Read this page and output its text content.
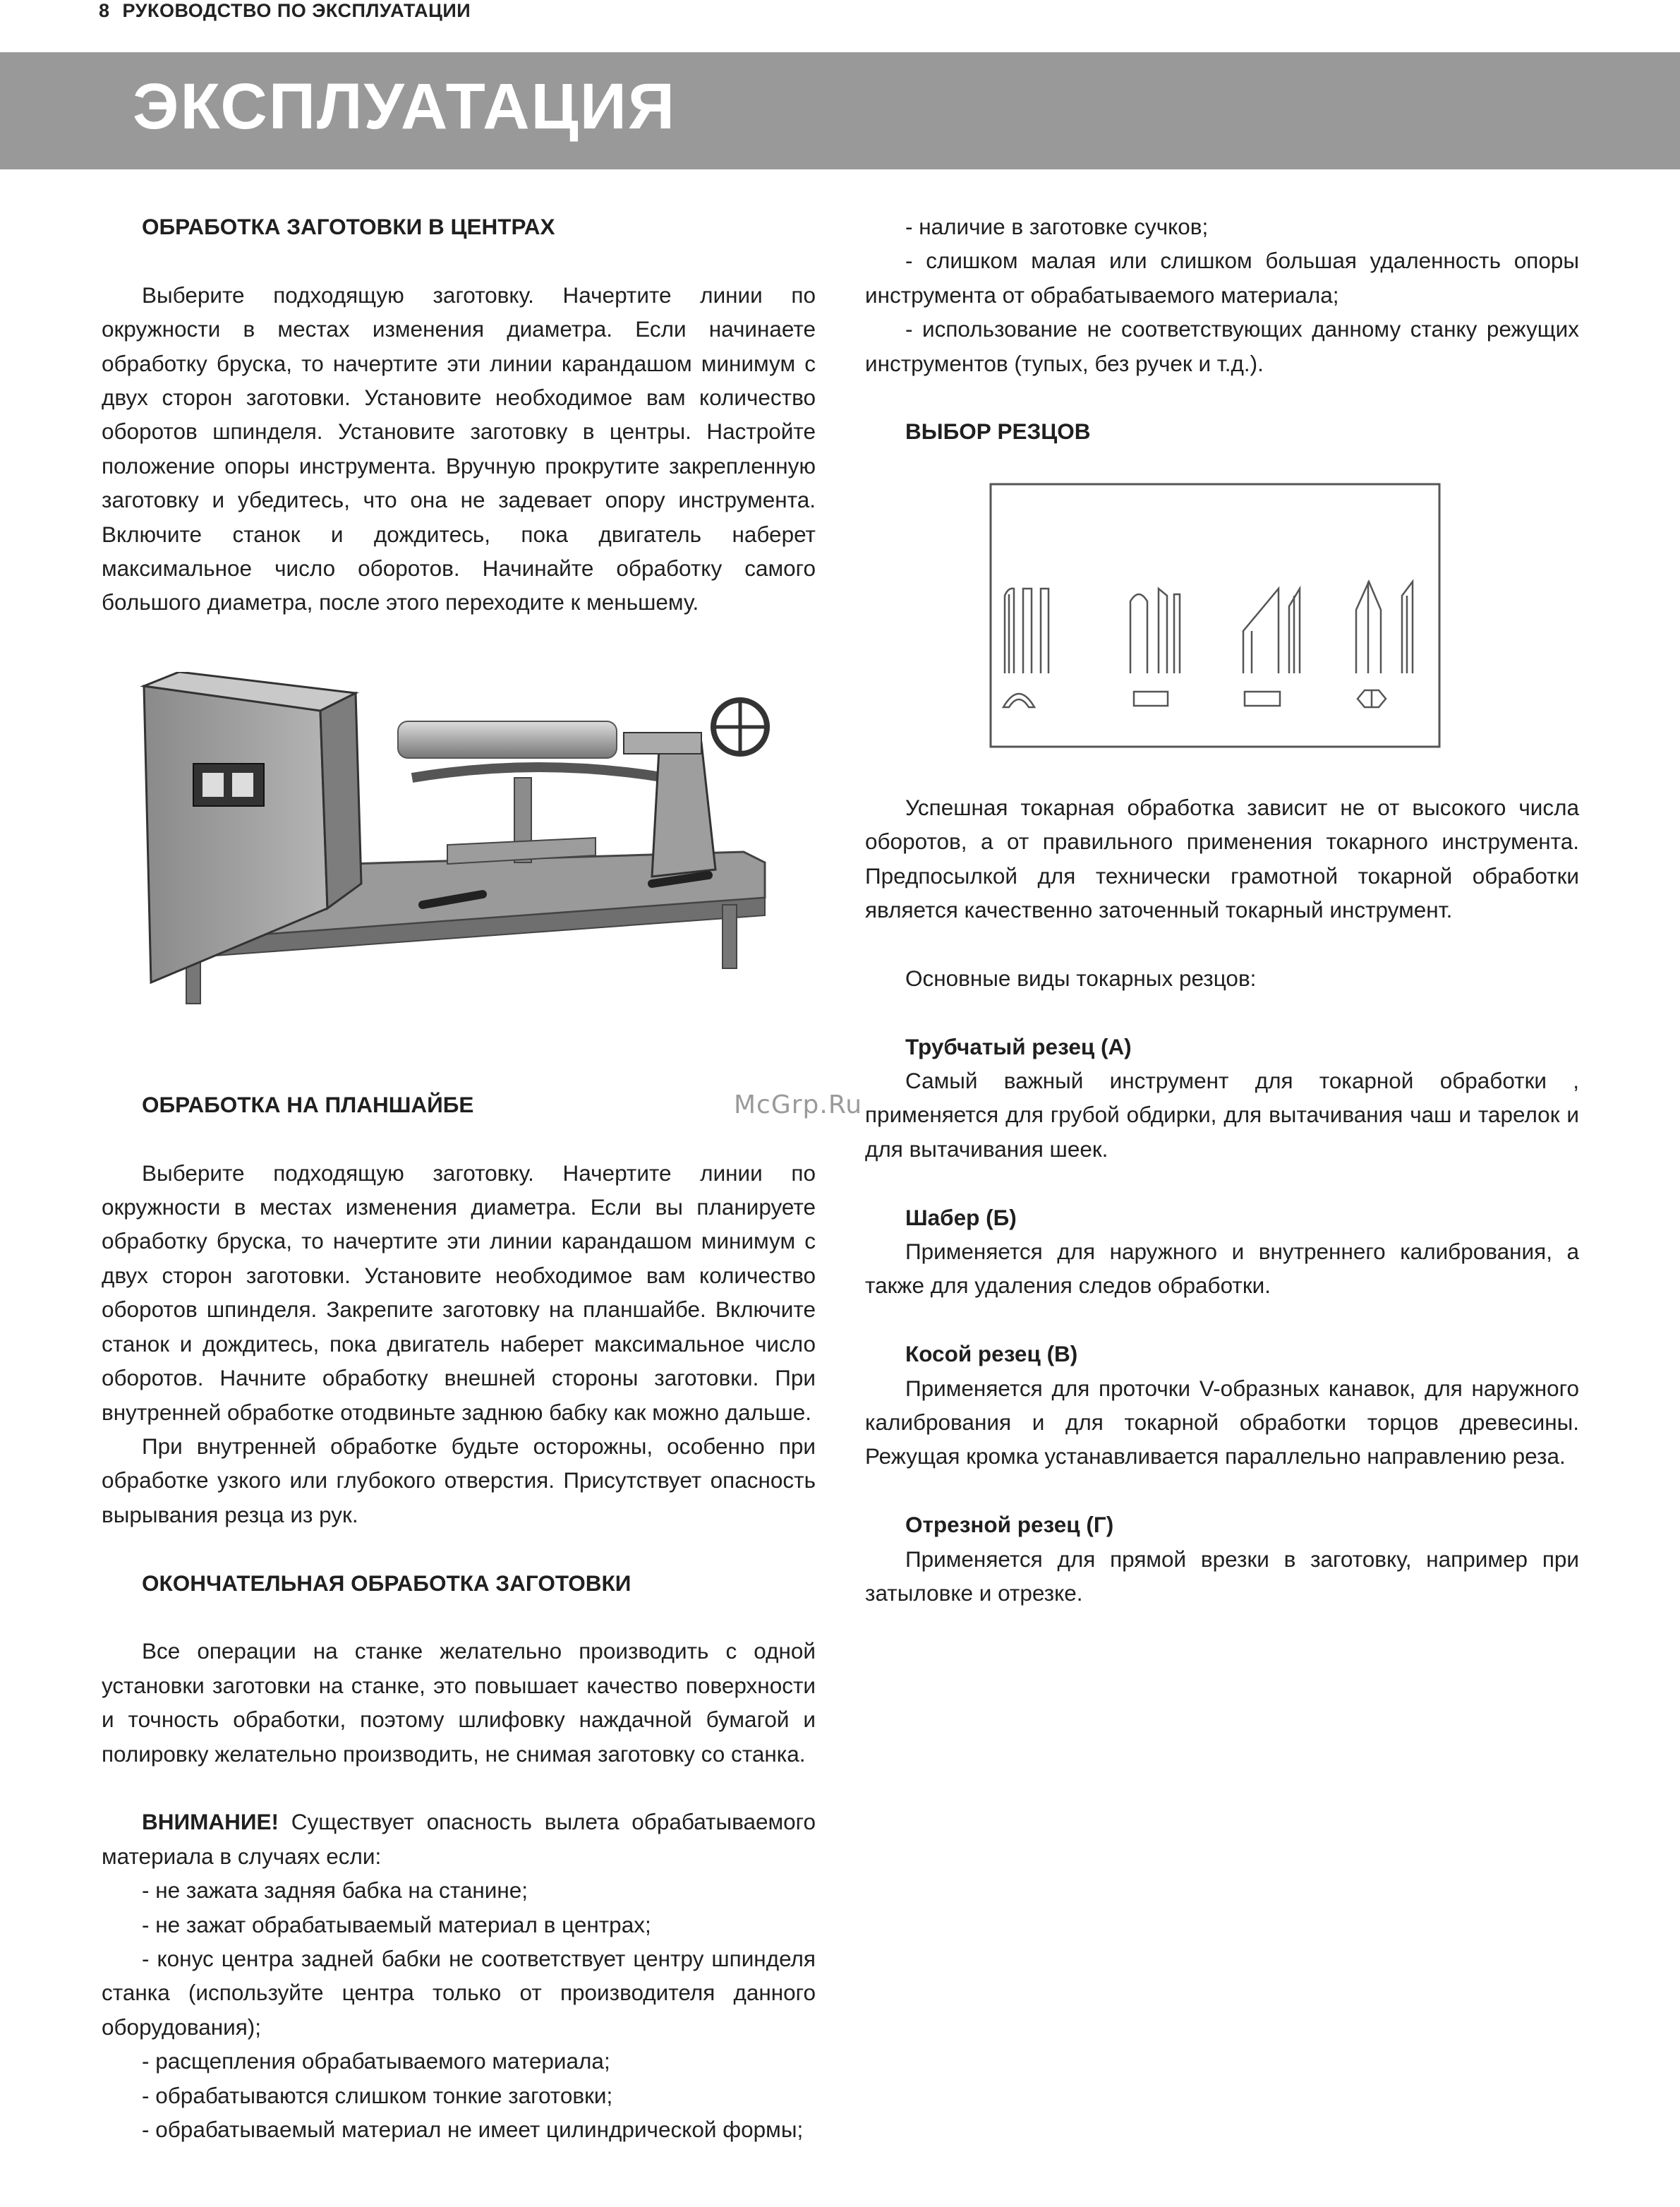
8 РУКОВОДСТВО ПО ЭКСПЛУАТАЦИИ
ЭКСПЛУАТАЦИЯ

ОБРАБОТКА ЗАГОТОВКИ В ЦЕНТРАХ

Выберите подходящую заготовку. Начертите линии по окружности в местах изменения диаметра. Если начинаете обработку бруска, то начертите эти линии карандашом минимум с двух сторон заготовки. Установите необходимое вам количество оборотов шпинделя. Установите заготовку в центры. Настройте положение опоры инструмента. Вручную прокрутите закрепленную заготовку и убедитесь, что она не задевает опору инструмента. Включите станок и дождитесь, пока двигатель наберет максимальное число оборотов. Начинайте обработку самого большого диаметра, после этого переходите к меньшему.

ОБРАБОТКА НА ПЛАНШАЙБЕ

Выберите подходящую заготовку. Начертите линии по окружности в местах изменения диаметра. Если вы планируете обработку бруска, то начертите эти линии карандашом минимум с двух сторон заготовки. Установите необходимое вам количество оборотов шпинделя. Закрепите заготовку на планшайбе. Включите станок и дождитесь, пока двигатель наберет максимальное число оборотов. Начните обработку внешней стороны заготовки. При внутренней обработке отодвиньте заднюю бабку как можно дальше.

При внутренней обработке будьте осторожны, особенно при обработке узкого или глубокого отверстия. Присутствует опасность вырывания резца из рук.

ОКОНЧАТЕЛЬНАЯ ОБРАБОТКА ЗАГОТОВКИ

Все операции на станке желательно производить с одной установки заготовки на станке, это повышает качество поверхности и точность обработки, поэтому шлифовку наждачной бумагой и полировку желательно производить, не снимая заготовку со станка.

ВНИМАНИЕ! Существует опасность вылета обрабатываемого материала в случаях если:

- не зажата задняя бабка на станине;

- не зажат обрабатываемый материал в центрах;

- конус центра задней бабки не соответствует центру шпинделя станка (используйте центра только от производителя данного оборудования);

- расщепления обрабатываемого материала;

- обрабатываются слишком тонкие заготовки;

- обрабатываемый материал не имеет цилиндрической формы;

- наличие в заготовке сучков;

- слишком малая или слишком большая удаленность опоры инструмента от обрабатываемого материала;

- использование не соответствующих данному станку режущих инструментов (тупых, без ручек и т.д.).

ВЫБОР РЕЗЦОВ

Успешная токарная обработка зависит не от высокого числа оборотов, а от правильного применения токарного инструмента. Предпосылкой для технически грамотной токарной обработки является качественно заточенный токарный инструмент.

Основные виды токарных резцов:

Трубчатый резец (А)

Самый важный инструмент для токарной обработки , применяется для грубой обдирки, для вытачивания чаш и тарелок и для вытачивания шеек.

Шабер (Б)

Применяется для наружного и внутреннего калибрования, а также для удаления следов обработки.

Косой резец (В)

Применяется для проточки V-образных канавок, для наружного калибрования и для токарной обработки торцов древесины. Режущая кромка устанавливается параллельно направлению реза.

Отрезной резец (Г)

Применяется для прямой врезки в заготовку, например при затыловке и отрезке.

McGrp.Ru
